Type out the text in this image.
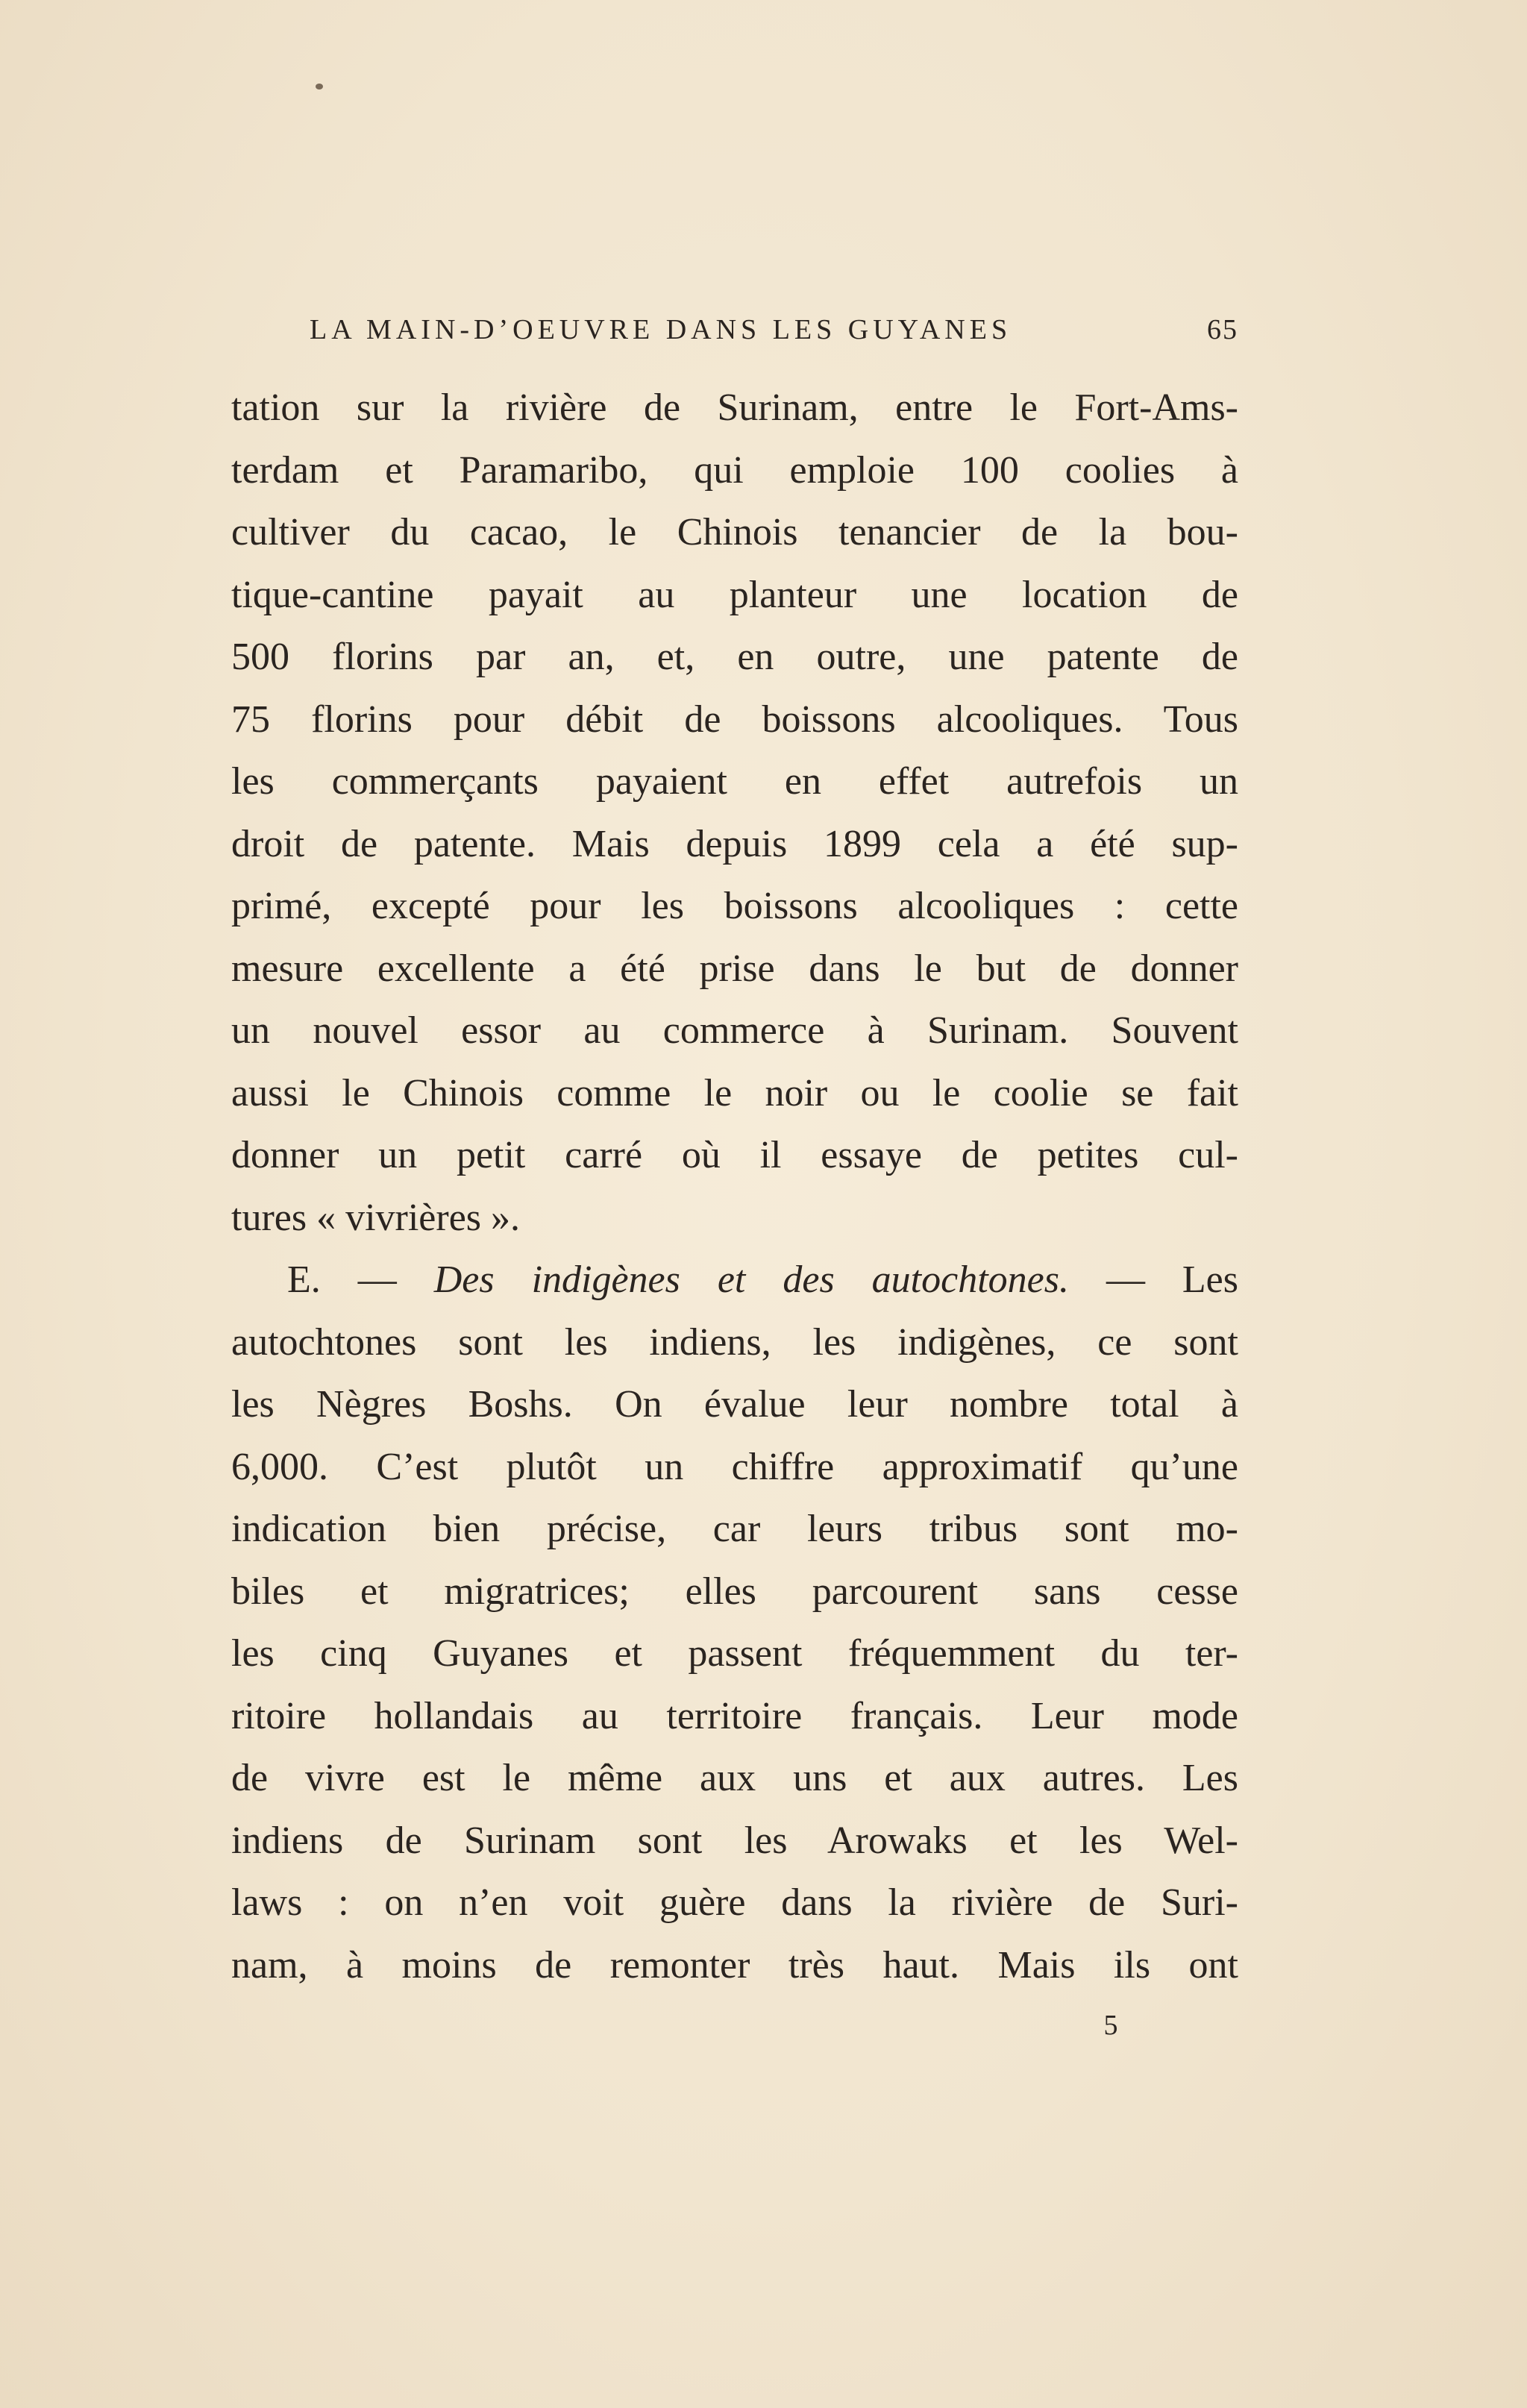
LA MAIN-D’OEUVRE DANS LES GUYANES	65
tation sur la rivière de Surinam, entre le Fort-Ams-
terdam et Paramaribo, qui emploie 100 coolies à
cultiver du cacao, le Chinois tenancier de la bou-
tique-cantine payait au planteur une location de
500 florins par an, et, en outre, une patente de
75 florins pour débit de boissons alcooliques. Tous
les commerçants payaient en effet autrefois un
droit de patente. Mais depuis 1899 cela a été sup-
primé, excepté pour les boissons alcooliques : cette
mesure excellente a été prise dans le but de donner
un nouvel essor au commerce à Surinam. Souvent
aussi le Chinois comme le noir ou le coolie se fait
donner un petit carré où il essaye de petites cul-
tures « vivrières ».
E. — Des indigènes et des autochtones. — Les
autochtones sont les indiens, les indigènes, ce sont
les Nègres Boshs. On évalue leur nombre total à
6,000. C’est plutôt un chiffre approximatif qu’une
indication bien précise, car leurs tribus sont mo-
biles et migratrices; elles parcourent sans cesse
les cinq Guyanes et passent fréquemment du ter-
ritoire hollandais au territoire français. Leur mode
de vivre est le même aux uns et aux autres. Les
indiens de Surinam sont les Arowaks et les Wel-
laws : on n’en voit guère dans la rivière de Suri-
nam, à moins de remonter très haut. Mais ils ont
5
